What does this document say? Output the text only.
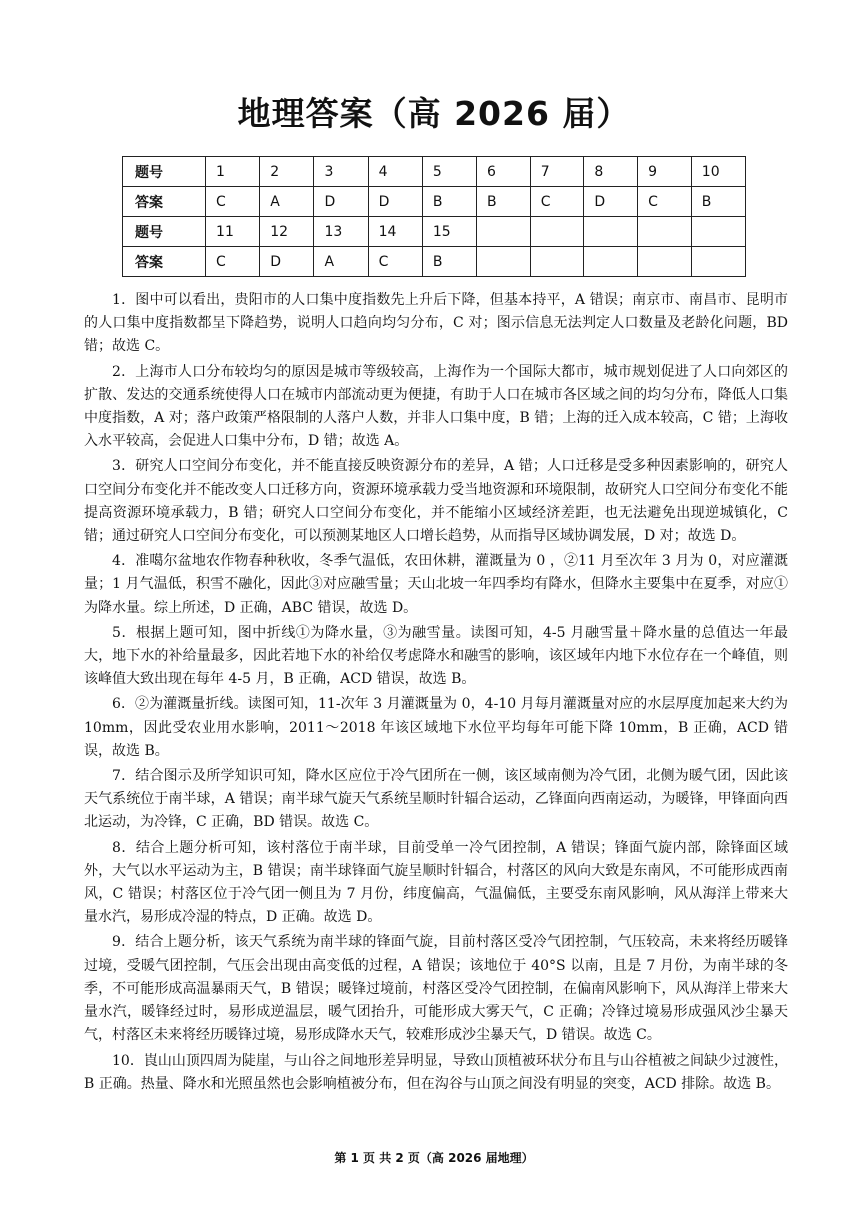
地理答案（高 2026 届）
题号	1	2	3	4	5	6	7	8	9	10
答案	C	A	D	D	B	B	C	D	C	B
题号	11	12	13	14	15					
答案	C	D	A	C	B					

1．图中可以看出，贵阳市的人口集中度指数先上升后下降，但基本持平，A 错误；南京市、南昌市、昆明市的人口集中度指数都呈下降趋势，说明人口趋向均匀分布，C 对；图示信息无法判定人口数量及老龄化问题，BD 错；故选 C。

2．上海市人口分布较均匀的原因是城市等级较高，上海作为一个国际大都市，城市规划促进了人口向郊区的扩散、发达的交通系统使得人口在城市内部流动更为便捷，有助于人口在城市各区域之间的均匀分布，降低人口集中度指数，A 对；落户政策严格限制的人落户人数，并非人口集中度，B 错；上海的迁入成本较高，C 错；上海收入水平较高，会促进人口集中分布，D 错；故选 A。

3．研究人口空间分布变化，并不能直接反映资源分布的差异，A 错；人口迁移是受多种因素影响的，研究人口空间分布变化并不能改变人口迁移方向，资源环境承载力受当地资源和环境限制，故研究人口空间分布变化不能提高资源环境承载力，B 错；研究人口空间分布变化，并不能缩小区域经济差距，也无法避免出现逆城镇化，C 错；通过研究人口空间分布变化，可以预测某地区人口增长趋势，从而指导区域协调发展，D 对；故选 D。

4．准噶尔盆地农作物春种秋收，冬季气温低，农田休耕，灌溉量为 0 ，②11 月至次年 3 月为 0，对应灌溉量；1 月气温低，积雪不融化，因此③对应融雪量；天山北坡一年四季均有降水，但降水主要集中在夏季，对应①为降水量。综上所述，D 正确，ABC 错误，故选 D。

5．根据上题可知，图中折线①为降水量，③为融雪量。读图可知，4-5 月融雪量＋降水量的总值达一年最大，地下水的补给量最多，因此若地下水的补给仅考虑降水和融雪的影响，该区域年内地下水位存在一个峰值，则该峰值大致出现在每年 4-5 月，B 正确，ACD 错误，故选 B。

6．②为灌溉量折线。读图可知，11-次年 3 月灌溉量为 0，4-10 月每月灌溉量对应的水层厚度加起来大约为 10mm，因此受农业用水影响，2011～2018 年该区域地下水位平均每年可能下降 10mm，B 正确，ACD 错误，故选 B。

7．结合图示及所学知识可知，降水区应位于冷气团所在一侧，该区域南侧为冷气团，北侧为暖气团，因此该天气系统位于南半球，A 错误；南半球气旋天气系统呈顺时针辐合运动，乙锋面向西南运动，为暖锋，甲锋面向西北运动，为冷锋，C 正确，BD 错误。故选 C。

8．结合上题分析可知，该村落位于南半球，目前受单一冷气团控制，A 错误；锋面气旋内部，除锋面区域外，大气以水平运动为主，B 错误；南半球锋面气旋呈顺时针辐合，村落区的风向大致是东南风，不可能形成西南风，C 错误；村落区位于冷气团一侧且为 7 月份，纬度偏高，气温偏低，主要受东南风影响，风从海洋上带来大量水汽，易形成冷湿的特点，D 正确。故选 D。

9．结合上题分析，该天气系统为南半球的锋面气旋，目前村落区受冷气团控制，气压较高，未来将经历暖锋过境，受暖气团控制，气压会出现由高变低的过程，A 错误；该地位于 40°S 以南，且是 7 月份，为南半球的冬季，不可能形成高温暴雨天气，B 错误；暖锋过境前，村落区受冷气团控制，在偏南风影响下，风从海洋上带来大量水汽，暖锋经过时，易形成逆温层，暖气团抬升，可能形成大雾天气，C 正确；冷锋过境易形成强风沙尘暴天气，村落区未来将经历暖锋过境，易形成降水天气，较难形成沙尘暴天气，D 错误。故选 C。

10．崀山山顶四周为陡崖，与山谷之间地形差异明显，导致山顶植被环状分布且与山谷植被之间缺少过渡性，B 正确。热量、降水和光照虽然也会影响植被分布，但在沟谷与山顶之间没有明显的突变，ACD 排除。故选 B。

第 1 页 共 2 页（高 2026 届地理）
